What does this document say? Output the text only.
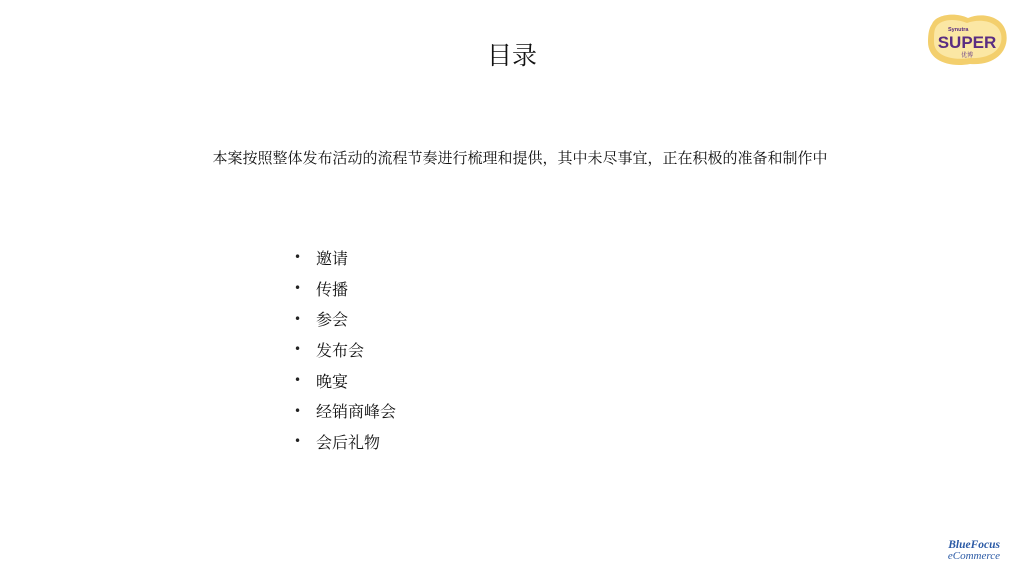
目录
本案按照整体发布活动的流程节奏进行梳理和提供，其中未尽事宜，正在积极的准备和制作中
• 邀请
• 传播
• 参会
• 发布会
• 晚宴
• 经销商峰会
• 会后礼物
Synutra
SUPER
优博
BlueFocus
eCommerce
